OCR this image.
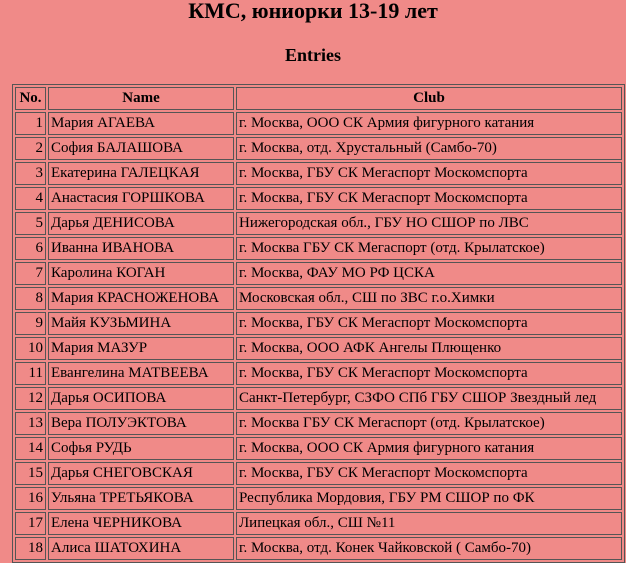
КМС, юниорки 13-19 лет
Entries
No.	Name	Club
1	Мария АГАЕВА	г. Москва, ООО СК Армия фигурного катания
2	София БАЛАШОВА	г. Москва, отд. Хрустальный (Самбо-70)
3	Екатерина ГАЛЕЦКАЯ	г. Москва, ГБУ СК Мегаспорт Москомспорта
4	Анастасия ГОРШКОВА	г. Москва, ГБУ СК Мегаспорт Москомспорта
5	Дарья ДЕНИСОВА	Нижегородская обл., ГБУ НО СШОР по ЛВС
6	Иванна ИВАНОВА	г. Москва ГБУ СК Мегаспорт (отд. Крылатское)
7	Каролина КОГАН	г. Москва, ФАУ МО РФ ЦСКА
8	Мария КРАСНОЖЕНОВА	Московская обл., СШ по ЗВС г.о.Химки
9	Майя КУЗЬМИНА	г. Москва, ГБУ СК Мегаспорт Москомспорта
10	Мария МАЗУР	г. Москва, ООО АФК Ангелы Плющенко
11	Евангелина МАТВЕЕВА	г. Москва, ГБУ СК Мегаспорт Москомспорта
12	Дарья ОСИПОВА	Санкт-Петербург, СЗФО СПб ГБУ СШОР Звездный лед
13	Вера ПОЛУЭКТОВА	г. Москва ГБУ СК Мегаспорт (отд. Крылатское)
14	Софья РУДЬ	г. Москва, ООО СК Армия фигурного катания
15	Дарья СНЕГОВСКАЯ	г. Москва, ГБУ СК Мегаспорт Москомспорта
16	Ульяна ТРЕТЬЯКОВА	Республика Мордовия, ГБУ РМ СШОР по ФК
17	Елена ЧЕРНИКОВА	Липецкая обл., СШ №11
18	Алиса ШАТОХИНА	г. Москва, отд. Конек Чайковской ( Самбо-70)
